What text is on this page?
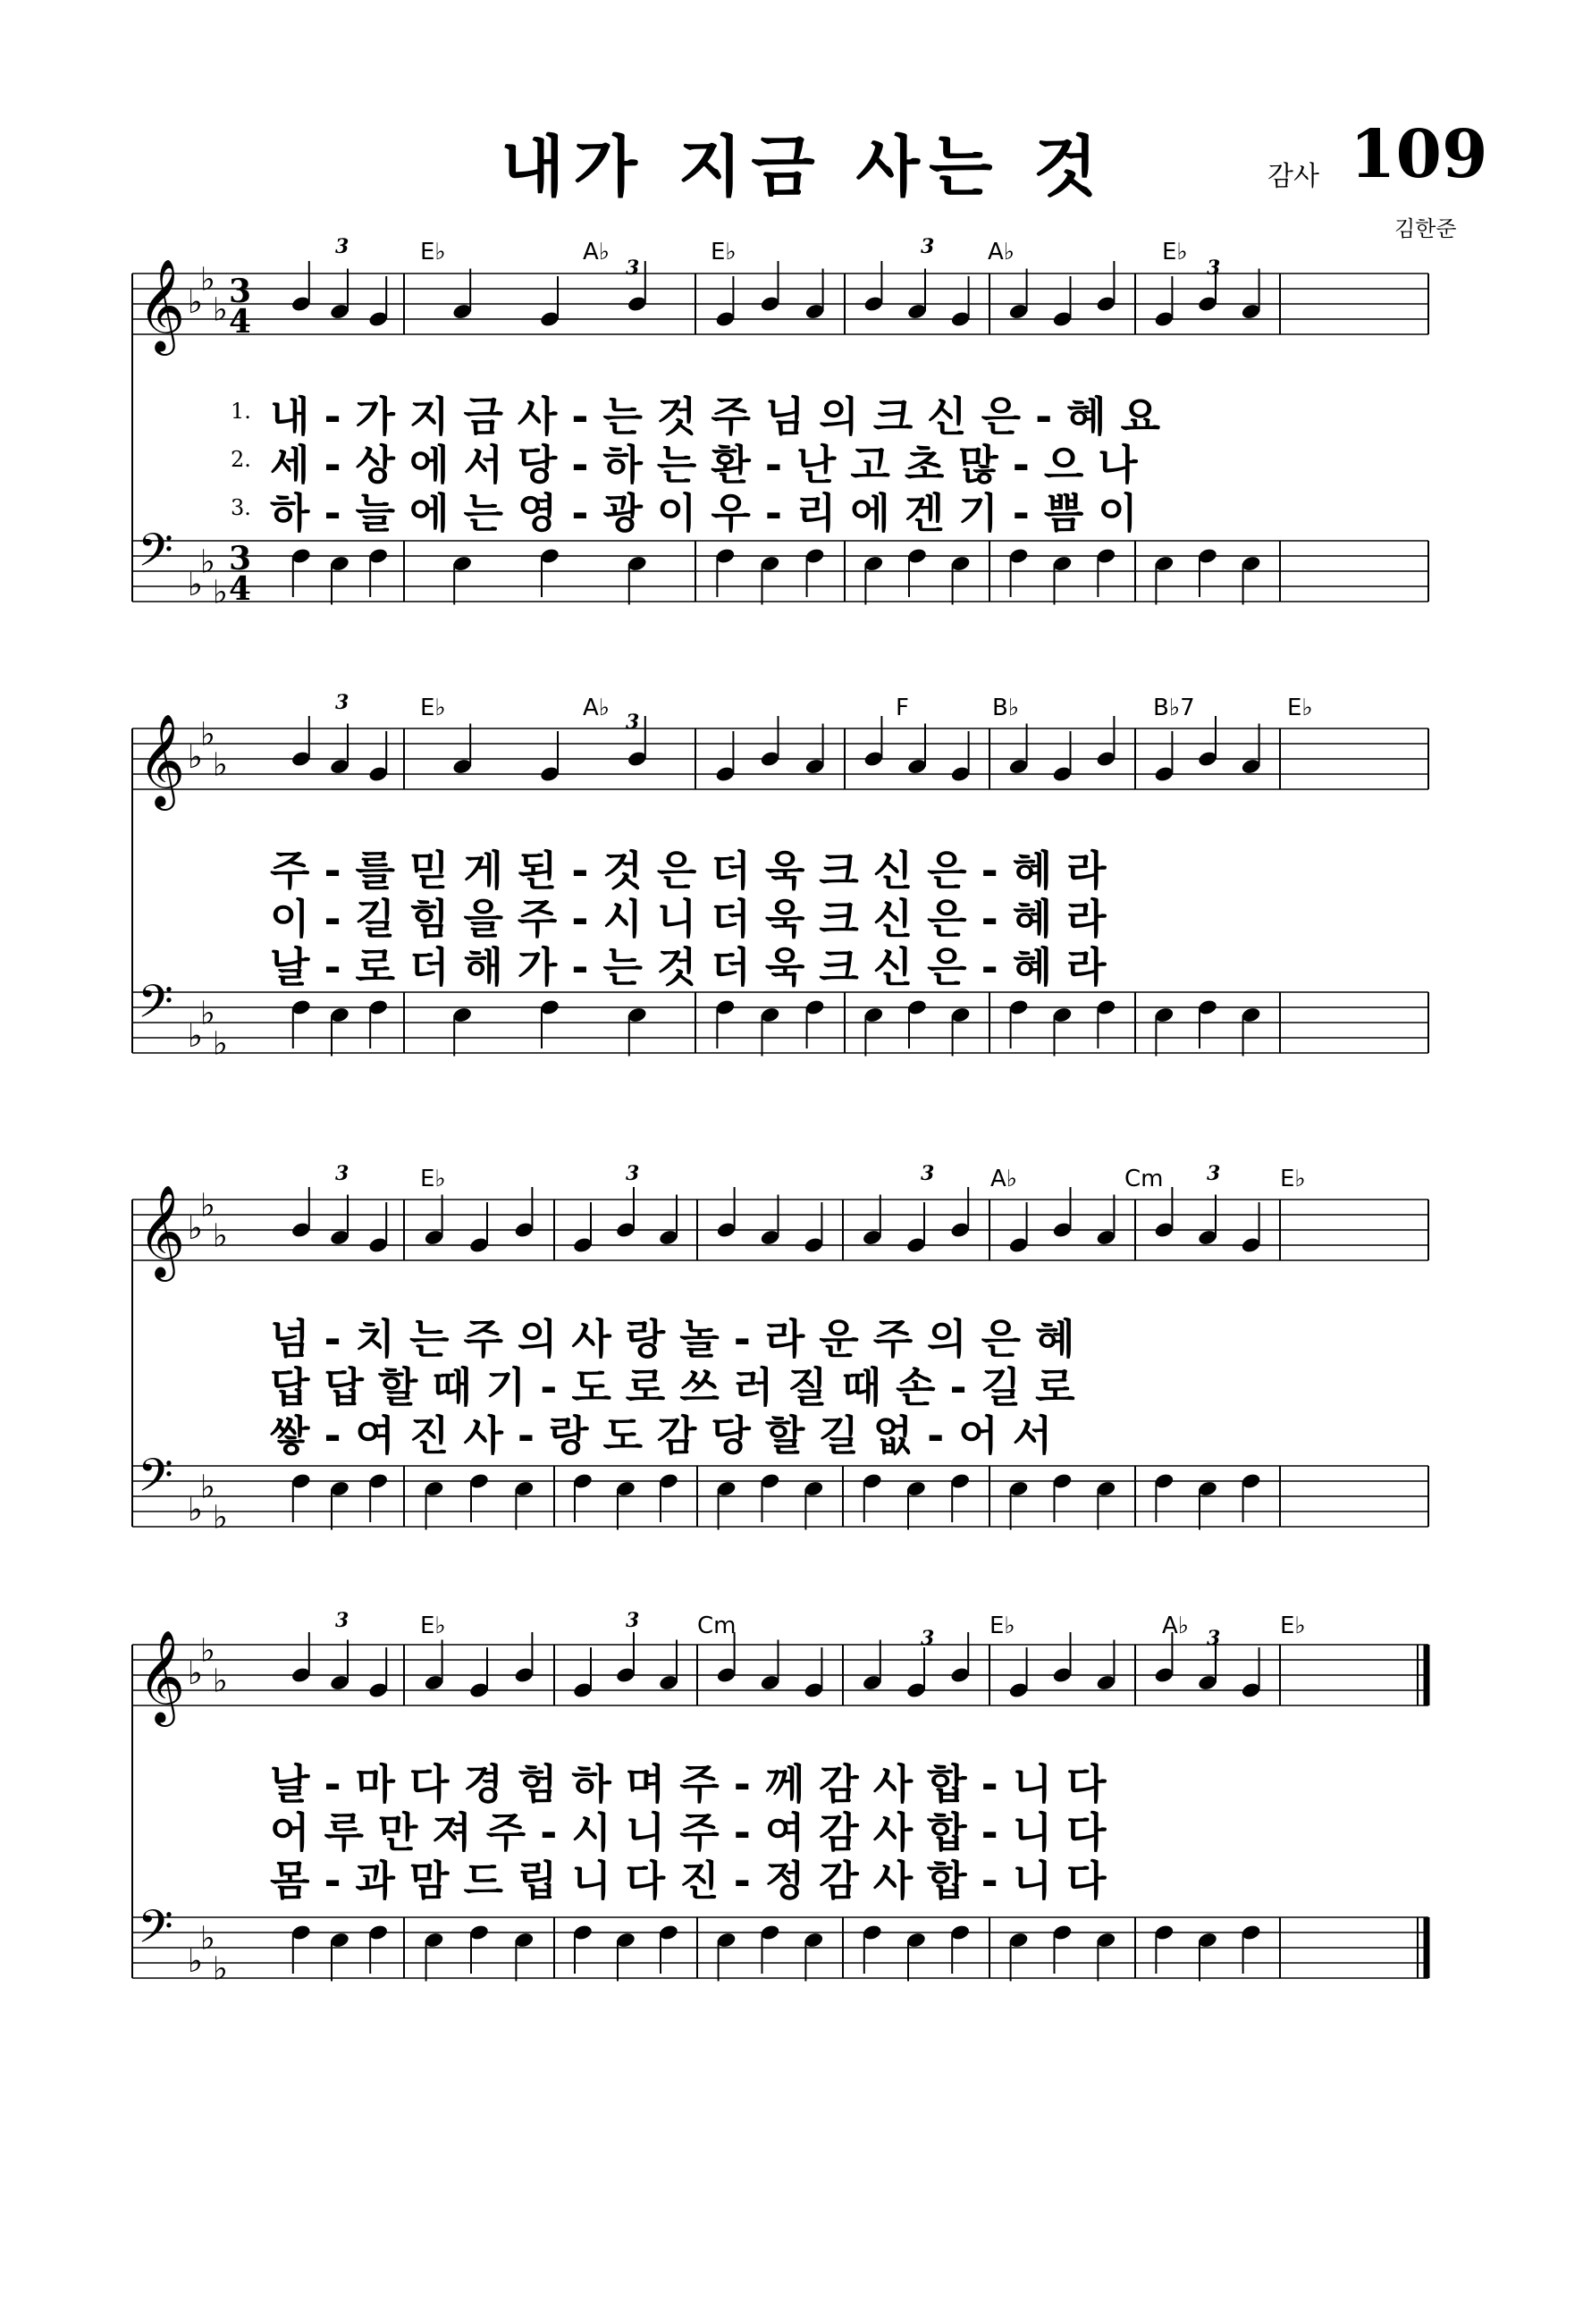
내가 지금 사는 것	감사 109
김한준
𝄞 ♭
♭
♭ 3
4
𝄢 ♭
♭
♭
3
4
𝄞 ♭
♭
♭
𝄢 ♭
♭
♭
𝄞 ♭
♭
♭
𝄢 ♭
♭
♭
𝄞 ♭
♭
♭
𝄢 ♭
♭
♭
3
3
3
3
3
3
3	3	3	3
3	3
3	3
E♭	A♭	E♭	A♭	E♭
E♭	A♭	F	B♭	B♭7	E♭
E♭	A♭	Cm	E♭
E♭	Cm	E♭	A♭	E♭
1. 내 - 가 지 금 사 - 는 것 주 님 의 크 신 은 - 혜 요
2. 세 - 상 에 서 당 - 하 는 환 - 난 고 초 많 - 으 나
3. 하 - 늘 에 는 영 - 광 이 우 - 리 에 겐 기 - 쁨 이
주 - 를 믿 게 된 - 것 은 더 욱 크 신 은 - 혜 라
이 - 길 힘 을 주 - 시 니 더 욱 크 신 은 - 혜 라
날 - 로 더 해 가 - 는 것 더 욱 크 신 은 - 혜 라
넘 - 치 는 주 의 사 랑 놀 - 라 운 주 의 은 혜
답 답 할 때 기 - 도 로 쓰 러 질 때 손 - 길 로
쌓 - 여 진 사 - 랑 도 감 당 할 길 없 - 어 서
날 - 마 다 경 험 하 며 주 - 께 감 사 합 - 니 다
어 루 만 져 주 - 시 니 주 - 여 감 사 합 - 니 다
몸 - 과 맘 드 립 니 다 진 - 정 감 사 합 - 니 다
